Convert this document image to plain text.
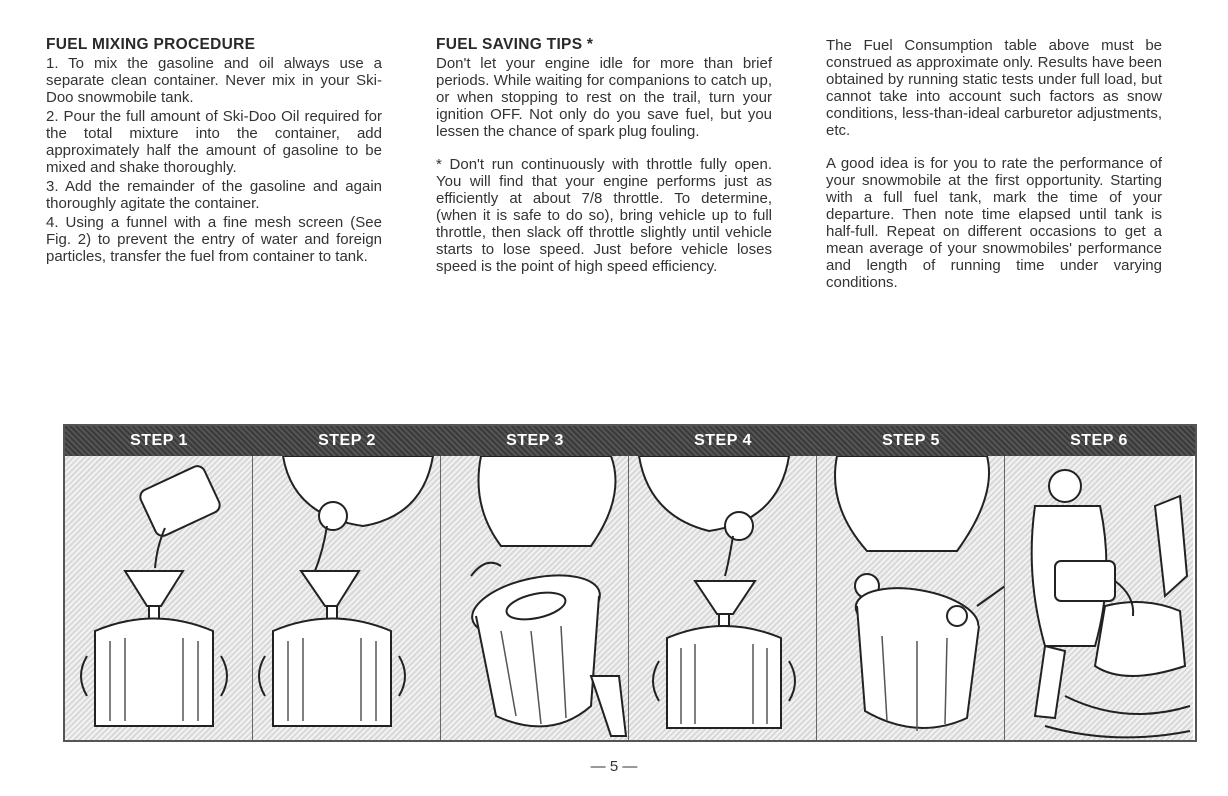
FUEL MIXING PROCEDURE

1. To mix the gasoline and oil always use a separate clean container. Never mix in your Ski-Doo snowmobile tank.

2. Pour the full amount of Ski-Doo Oil required for the total mixture into the container, add approximately half the amount of gasoline to be mixed and shake thoroughly.

3. Add the remainder of the gasoline and again thoroughly agitate the container.

4. Using a funnel with a fine mesh screen (See Fig. 2) to prevent the entry of water and foreign particles, transfer the fuel from container to tank.

FUEL SAVING TIPS *

Don't let your engine idle for more than brief periods. While waiting for companions to catch up, or when stopping to rest on the trail, turn your ignition OFF. Not only do you save fuel, but you lessen the chance of spark plug fouling.

* Don't run continuously with throttle fully open. You will find that your engine performs just as efficiently at about 7/8 throttle. To determine, (when it is safe to do so), bring vehicle up to full throttle, then slack off throttle slightly until vehicle starts to lose speed. Just before vehicle loses speed is the point of high speed efficiency.

The Fuel Consumption table above must be construed as approximate only. Results have been obtained by running static tests under full load, but cannot take into account such factors as snow conditions, less-than-ideal carburetor adjustments, etc.

A good idea is for you to rate the performance of your snowmobile at the first opportunity. Starting with a full fuel tank, mark the time of your departure. Then note time elapsed until tank is half-full. Repeat on different occasions to get a mean average of your snowmobiles' performance and length of running time under varying conditions.

STEP 1	STEP 2	STEP 3	STEP 4	STEP 5	STEP 6
— 5 —
